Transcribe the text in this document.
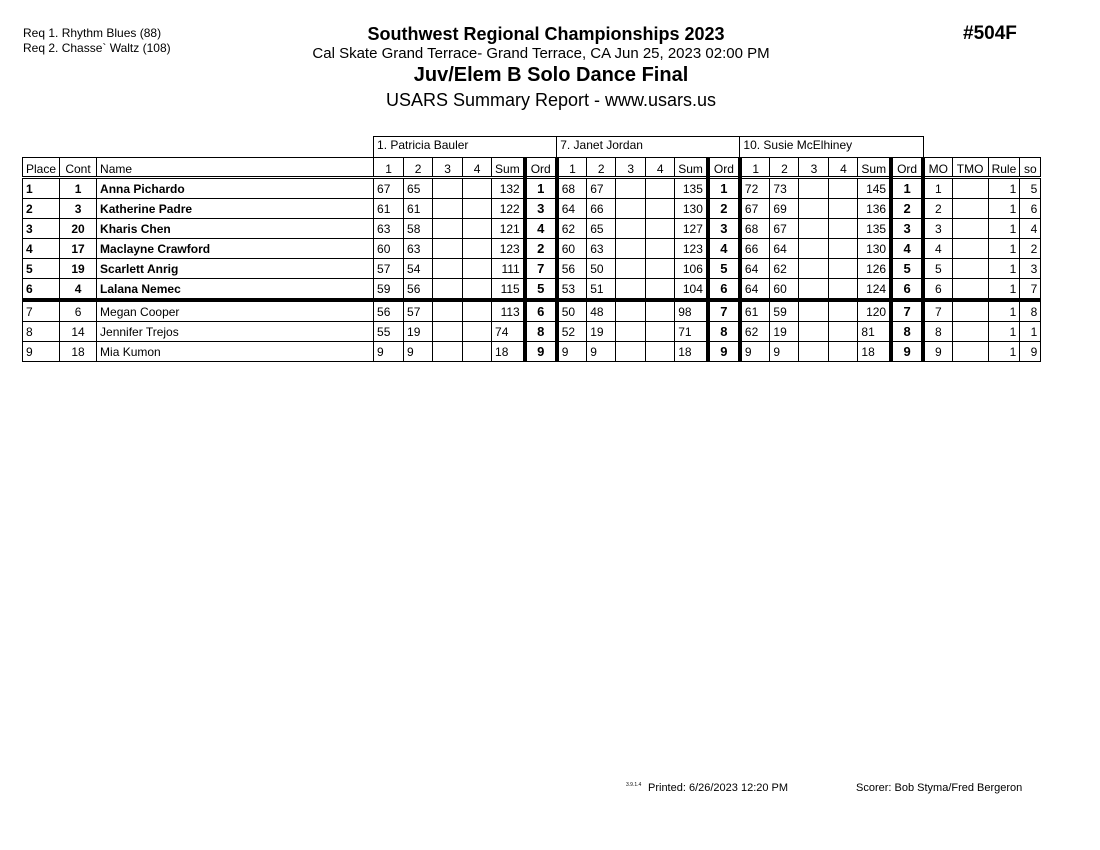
Req 1. Rhythm Blues (88)
Req 2. Chasse` Waltz (108)
Southwest Regional Championships 2023
Cal Skate Grand Terrace- Grand Terrace, CA Jun 25, 2023 02:00 PM
Juv/Elem B Solo Dance Final
USARS Summary Report - www.usars.us
#504F
			1. Patricia Bauler						7. Janet Jordan						10. Susie McElhiney									
Place	Cont	Name	1	2	3	4	Sum	Ord	1	2	3	4	Sum	Ord	1	2	3	4	Sum	Ord	MO	TMO	Rule	so
1	1	Anna Pichardo	67	65			132	1	68	67			135	1	72	73			145	1	1		1	5
2	3	Katherine Padre	61	61			122	3	64	66			130	2	67	69			136	2	2		1	6
3	20	Kharis Chen	63	58			121	4	62	65			127	3	68	67			135	3	3		1	4
4	17	Maclayne Crawford	60	63			123	2	60	63			123	4	66	64			130	4	4		1	2
5	19	Scarlett Anrig	57	54			111	7	56	50			106	5	64	62			126	5	5		1	3
6	4	Lalana Nemec	59	56			115	5	53	51			104	6	64	60			124	6	6		1	7
7	6	Megan Cooper	56	57			113	6	50	48			98	7	61	59			120	7	7		1	8
8	14	Jennifer Trejos	55	19			74	8	52	19			71	8	62	19			81	8	8		1	1
9	18	Mia Kumon	9	9			18	9	9	9			18	9	9	9			18	9	9		1	9
3.9.1.4 Printed: 6/26/2023 12:20 PM	Scorer: Bob Styma/Fred Bergeron
